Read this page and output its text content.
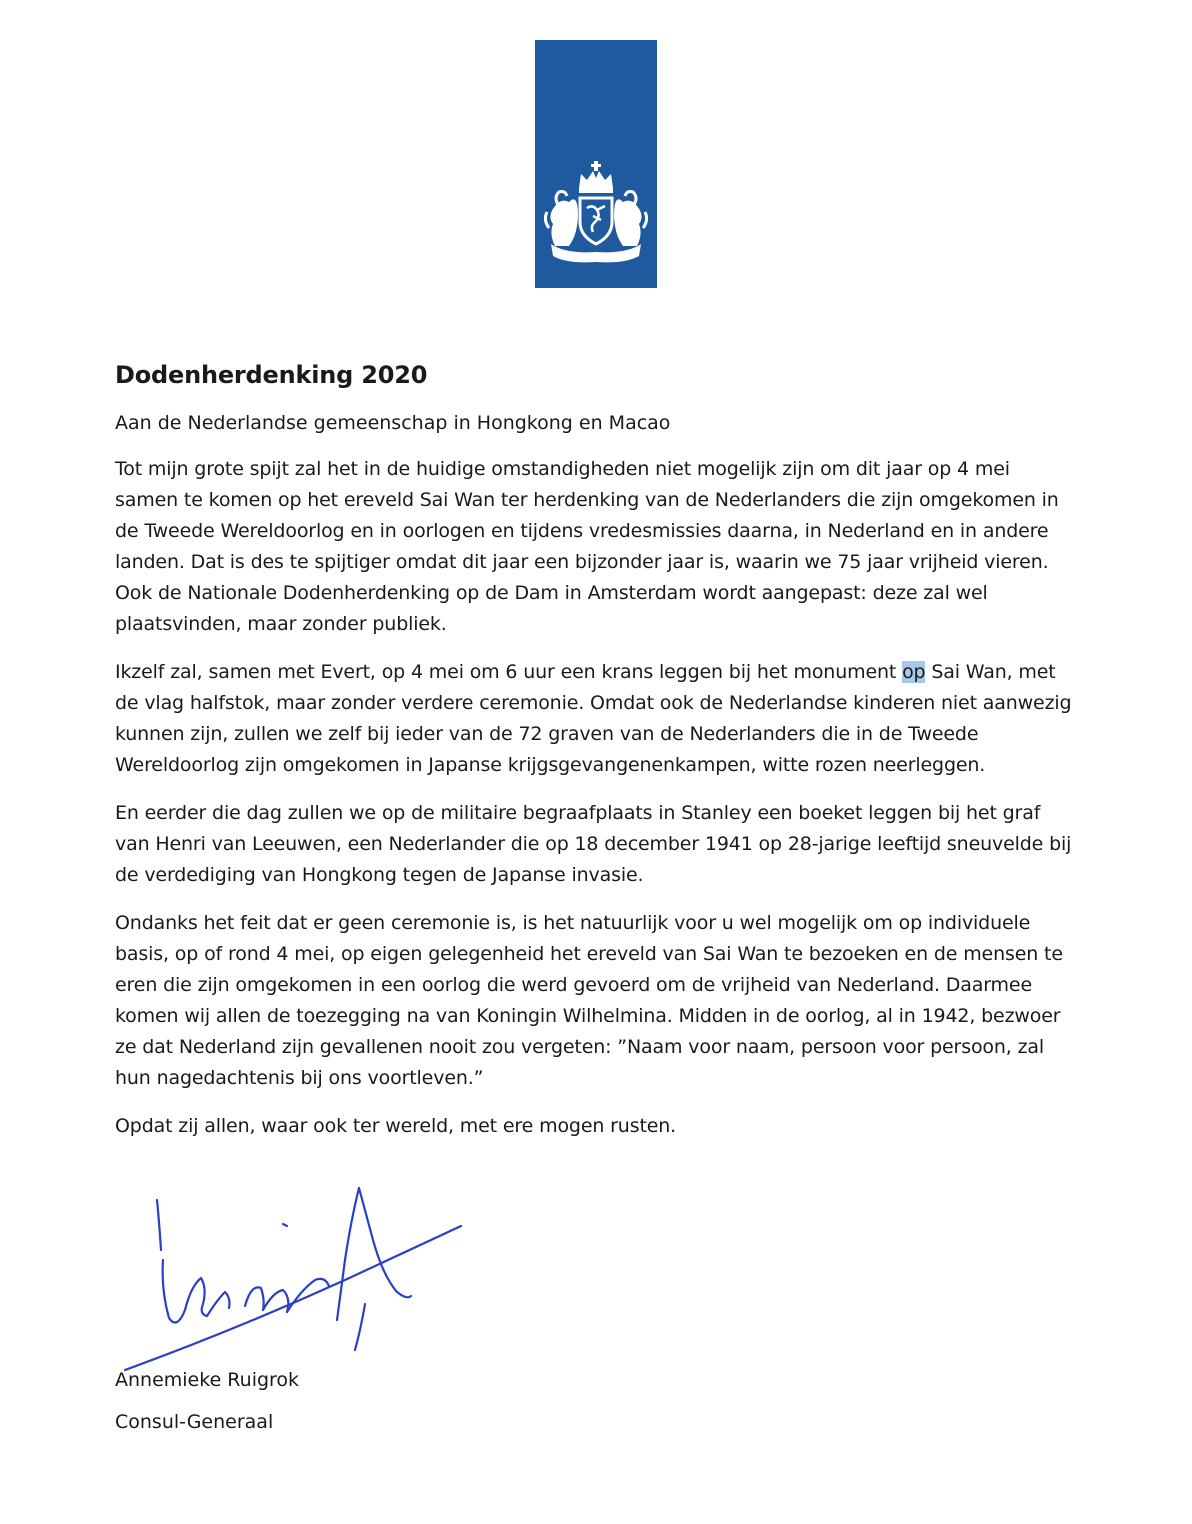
Dodenherdenking 2020

Aan de Nederlandse gemeenschap in Hongkong en Macao

Tot mijn grote spijt zal het in de huidige omstandigheden niet mogelijk zijn om dit jaar op 4 mei samen te komen op het ereveld Sai Wan ter herdenking van de Nederlanders die zijn omgekomen in de Tweede Wereldoorlog en in oorlogen en tijdens vredesmissies daarna, in Nederland en in andere landen. Dat is des te spijtiger omdat dit jaar een bijzonder jaar is, waarin we 75 jaar vrijheid vieren. Ook de Nationale Dodenherdenking op de Dam in Amsterdam wordt aangepast: deze zal wel plaatsvinden, maar zonder publiek.

Ikzelf zal, samen met Evert, op 4 mei om 6 uur een krans leggen bij het monument op Sai Wan, met de vlag halfstok, maar zonder verdere ceremonie. Omdat ook de Nederlandse kinderen niet aanwezig kunnen zijn, zullen we zelf bij ieder van de 72 graven van de Nederlanders die in de Tweede Wereldoorlog zijn omgekomen in Japanse krijgsgevangenenkampen, witte rozen neerleggen.

En eerder die dag zullen we op de militaire begraafplaats in Stanley een boeket leggen bij het graf van Henri van Leeuwen, een Nederlander die op 18 december 1941 op 28-jarige leeftijd sneuvelde bij de verdediging van Hongkong tegen de Japanse invasie.

Ondanks het feit dat er geen ceremonie is, is het natuurlijk voor u wel mogelijk om op individuele basis, op of rond 4 mei, op eigen gelegenheid het ereveld van Sai Wan te bezoeken en de mensen te eren die zijn omgekomen in een oorlog die werd gevoerd om de vrijheid van Nederland. Daarmee komen wij allen de toezegging na van Koningin Wilhelmina. Midden in de oorlog, al in 1942, bezwoer ze dat Nederland zijn gevallenen nooit zou vergeten: ”Naam voor naam, persoon voor persoon, zal hun nagedachtenis bij ons voortleven.”

Opdat zij allen, waar ook ter wereld, met ere mogen rusten.

Annemieke Ruigrok

Consul-Generaal
